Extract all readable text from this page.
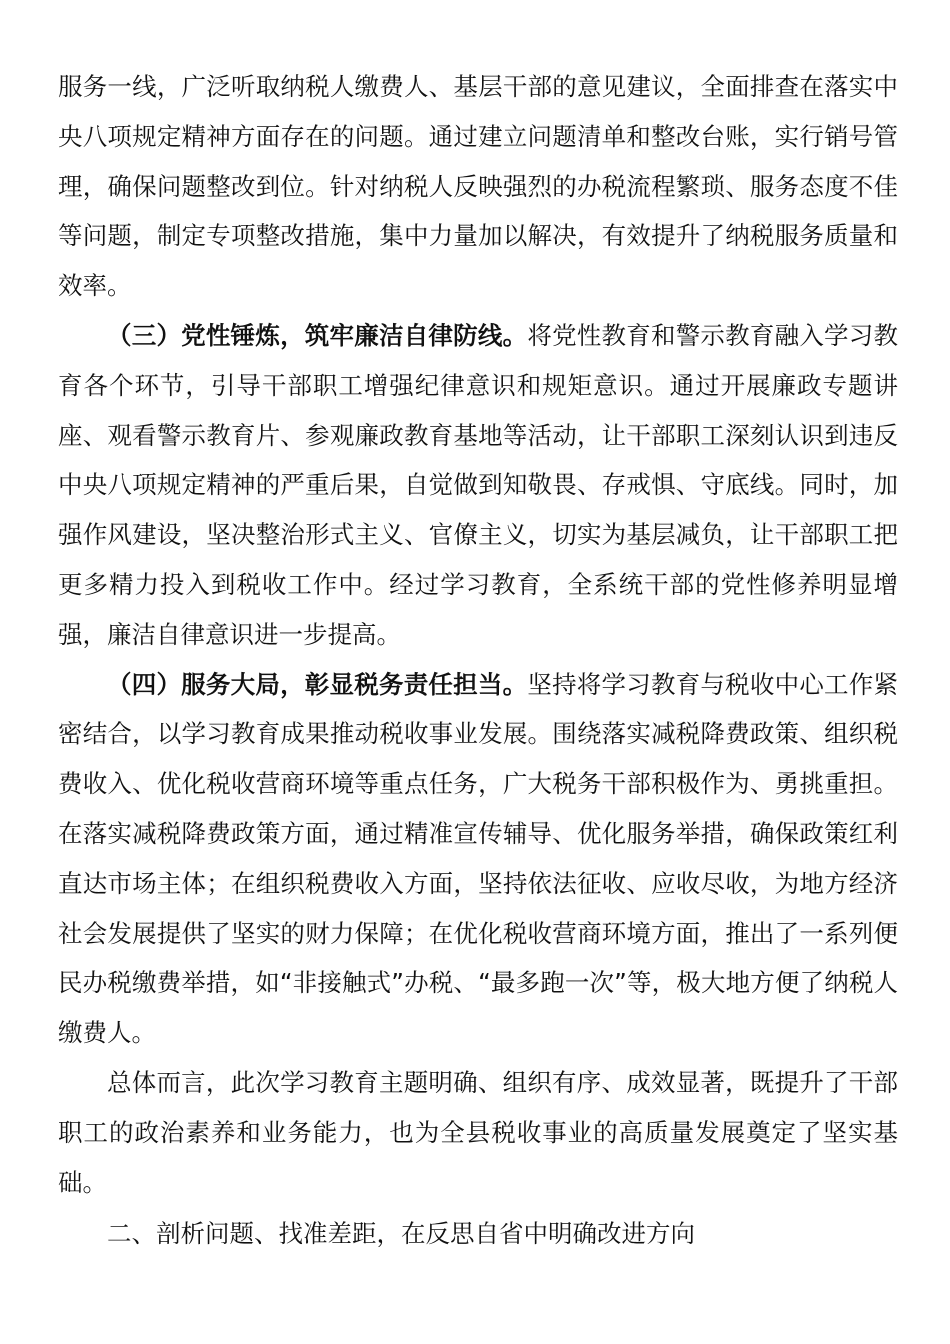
服务一线，广泛听取纳税人缴费人、基层干部的意见建议，全面排查在落实中央八项规定精神方面存在的问题。通过建立问题清单和整改台账，实行销号管理，确保问题整改到位。针对纳税人反映强烈的办税流程繁琐、服务态度不佳等问题，制定专项整改措施，集中力量加以解决，有效提升了纳税服务质量和效率。

（三）党性锤炼，筑牢廉洁自律防线。将党性教育和警示教育融入学习教育各个环节，引导干部职工增强纪律意识和规矩意识。通过开展廉政专题讲座、观看警示教育片、参观廉政教育基地等活动，让干部职工深刻认识到违反中央八项规定精神的严重后果，自觉做到知敬畏、存戒惧、守底线。同时，加强作风建设，坚决整治形式主义、官僚主义，切实为基层减负，让干部职工把更多精力投入到税收工作中。经过学习教育，全系统干部的党性修养明显增强，廉洁自律意识进一步提高。

（四）服务大局，彰显税务责任担当。坚持将学习教育与税收中心工作紧密结合，以学习教育成果推动税收事业发展。围绕落实减税降费政策、组织税费收入、优化税收营商环境等重点任务，广大税务干部积极作为、勇挑重担。在落实减税降费政策方面，通过精准宣传辅导、优化服务举措，确保政策红利直达市场主体；在组织税费收入方面，坚持依法征收、应收尽收，为地方经济社会发展提供了坚实的财力保障；在优化税收营商环境方面，推出了一系列便民办税缴费举措，如“非接触式”办税、“最多跑一次”等，极大地方便了纳税人缴费人。

总体而言，此次学习教育主题明确、组织有序、成效显著，既提升了干部职工的政治素养和业务能力，也为全县税收事业的高质量发展奠定了坚实基础。

二、剖析问题、找准差距，在反思自省中明确改进方向
